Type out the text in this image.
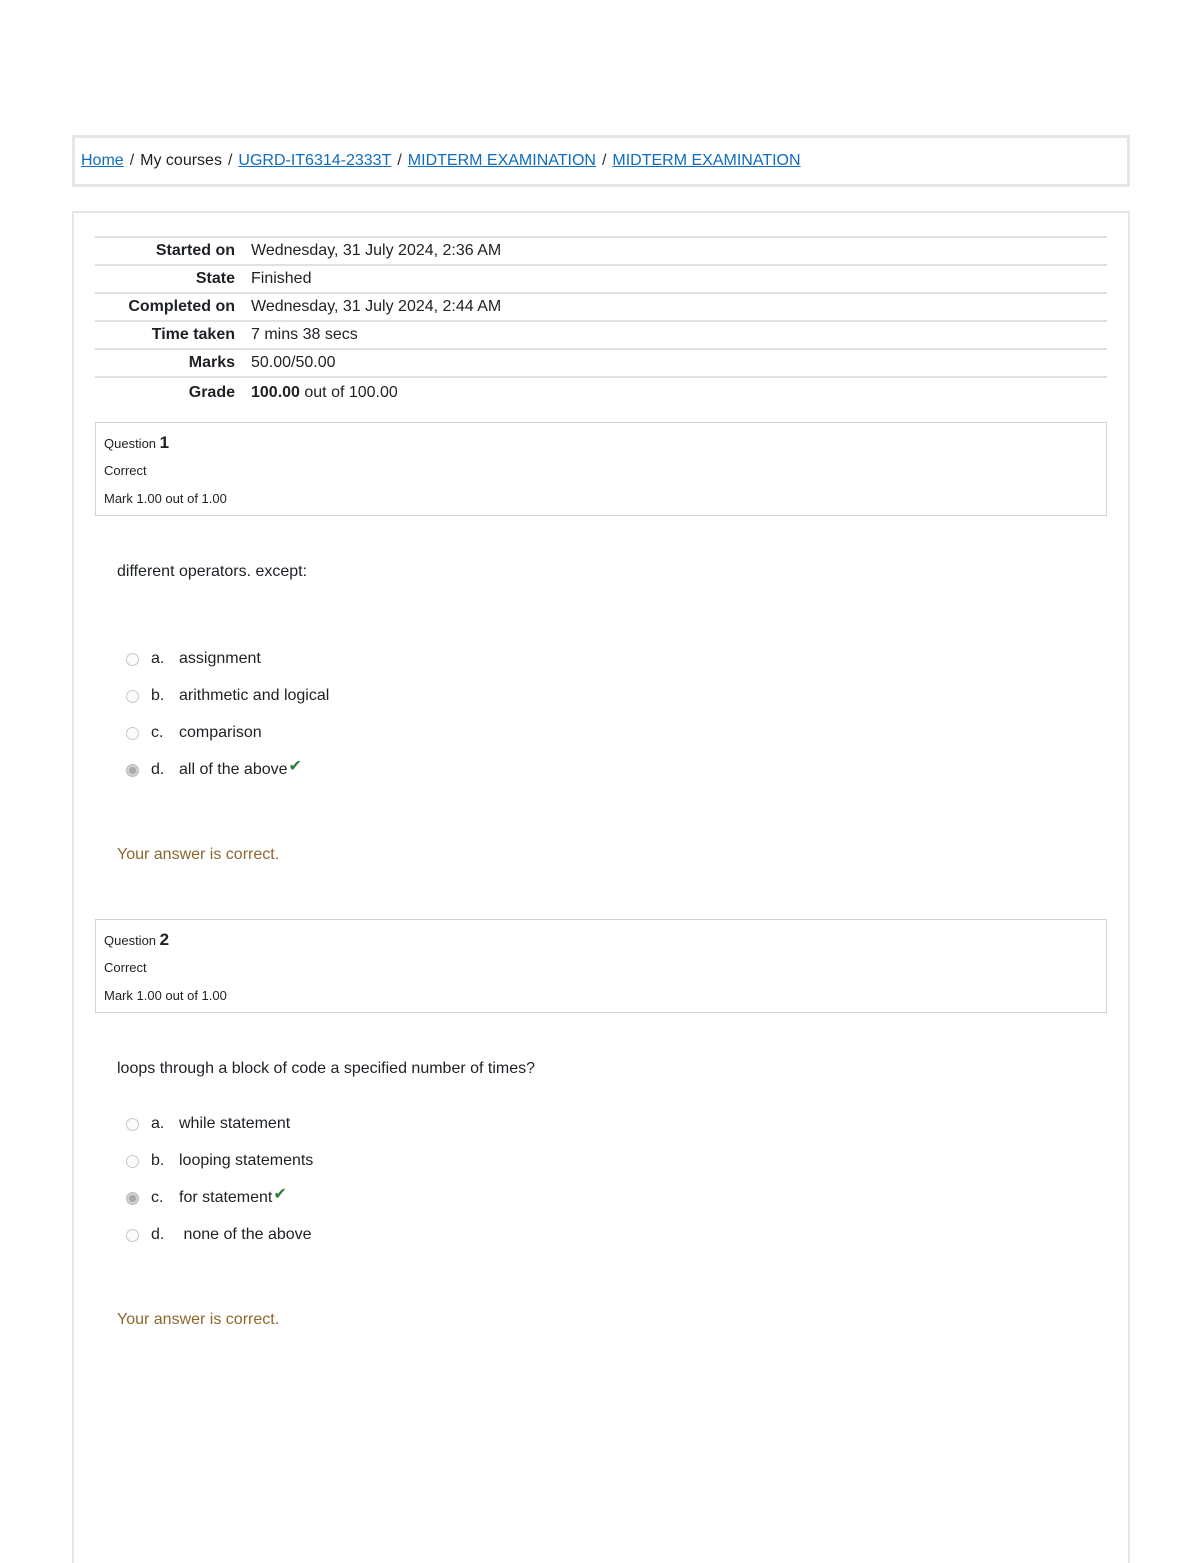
Home / My courses / UGRD-IT6314-2333T / MIDTERM EXAMINATION / MIDTERM EXAMINATION
Started on	Wednesday, 31 July 2024, 2:36 AM
State	Finished
Completed on	Wednesday, 31 July 2024, 2:44 AM
Time taken	7 mins 38 secs
Marks	50.00/50.00
Grade	100.00 out of 100.00
Question 1
Correct
Mark 1.00 out of 1.00
different operators. except:
a. assignment
b. arithmetic and logical
c. comparison
d. all of the above ✔
Your answer is correct.
Question 2
Correct
Mark 1.00 out of 1.00
loops through a block of code a specified number of times?
a. while statement
b. looping statements
c. for statement ✔
d. none of the above
Your answer is correct.
